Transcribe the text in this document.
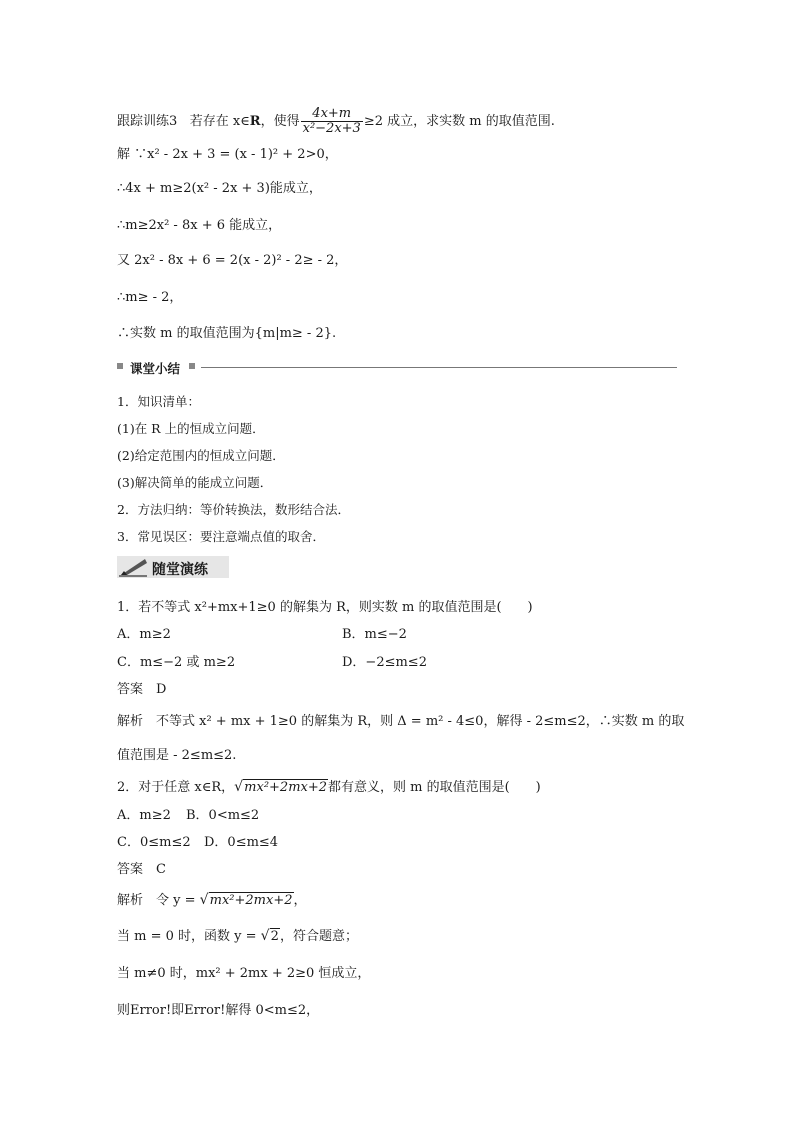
跟踪训练3 若存在 x∈R，使得 $\frac{4x+m}{\text{x²−2x+3}} \ge 2$ 成立，求实数 m 的取值范围.
解 ∵x² - 2x + 3 = (x - 1)² + 2>0，
∴4x + m≥2(x² - 2x + 3)能成立，
∴m≥2x² - 8x + 6 能成立，
又 2x² - 8x + 6 = 2(x - 2)² - 2≥ - 2，
∴m≥ - 2，
∴实数 m 的取值范围为{m|m≥ - 2}.
课堂小结
1．知识清单：
(1)在 R 上的恒成立问题．
(2)给定范围内的恒成立问题．
(3)解决简单的能成立问题．
2．方法归纳：等价转换法，数形结合法．
3．常见误区：要注意端点值的取舍．
随堂演练
1．若不等式 x²+mx+1≥0 的解集为 R，则实数 m 的取值范围是(　　)
A．m≥2	B．m≤−2
C．m≤−2 或 m≥2	D．−2≤m≤2
答案　D
解析　不等式 x² + mx + 1≥0 的解集为 R，则 Δ = m² - 4≤0，解得 - 2≤m≤2，∴实数 m 的取
值范围是 - 2≤m≤2.
2．对于任意 x∈R， √ mx²+2mx+2都有意义，则 m 的取值范围是(　　)
A．m≥2 B．0<m≤2
C．0≤m≤2 D．0≤m≤4
答案　C
解析　令 y = √ mx²+2mx+2，
当 m = 0 时，函数 y = √ 2，符合题意；
当 m≠0 时，mx² + 2mx + 2≥0 恒成立，
则Error!即Error!解得 0<m≤2，
